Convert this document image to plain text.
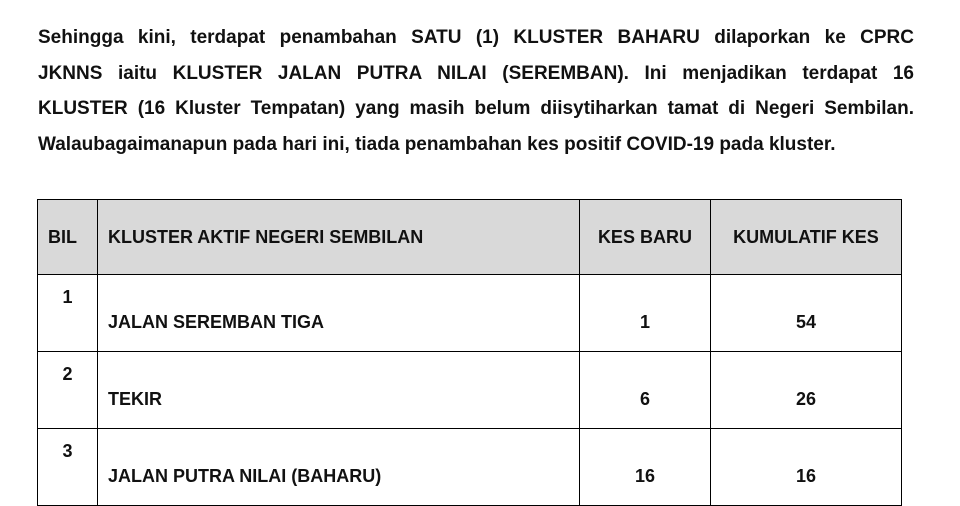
Sehingga kini, terdapat penambahan SATU (1) KLUSTER BAHARU dilaporkan ke CPRC
JKNNS iaitu KLUSTER JALAN PUTRA NILAI (SEREMBAN). Ini menjadikan terdapat 16
KLUSTER (16 Kluster Tempatan) yang masih belum diisytiharkan tamat di Negeri Sembilan.
Walaubagaimanapun pada hari ini, tiada penambahan kes positif COVID-19 pada kluster.
BIL	KLUSTER AKTIF NEGERI SEMBILAN	KES BARU	KUMULATIF KES
1	JALAN SEREMBAN TIGA	1	54
2	TEKIR	6	26
3	JALAN PUTRA NILAI (BAHARU)	16	16
